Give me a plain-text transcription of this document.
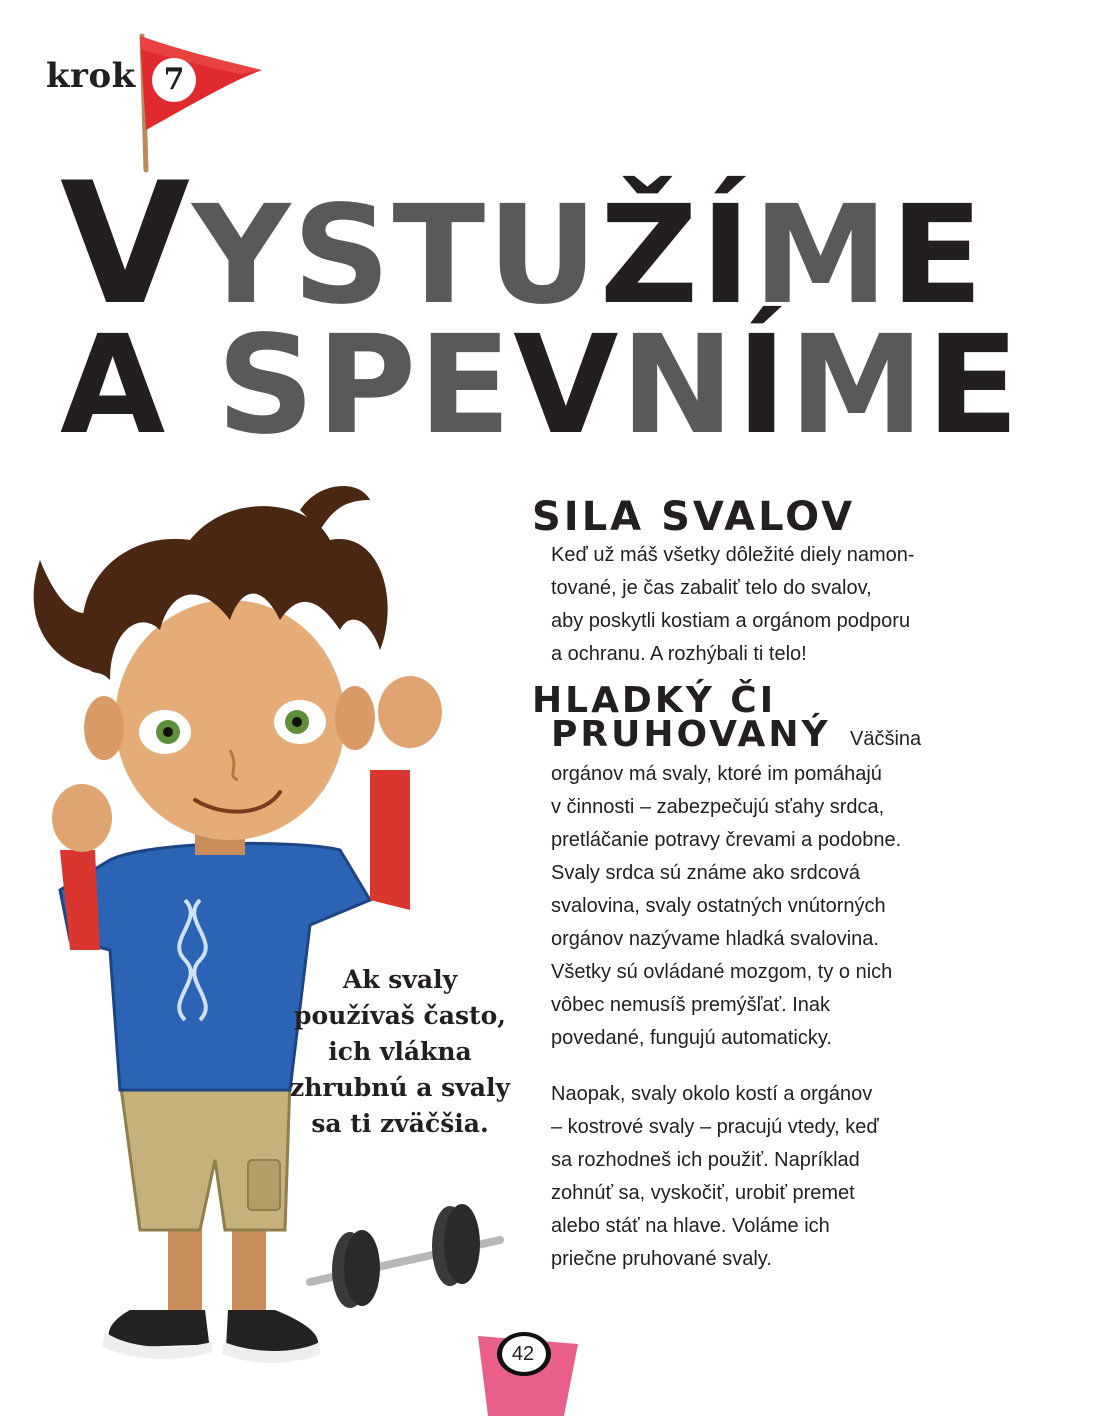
krok 7
VYSTUŽÍME
A SPEVNÍME
Ak svaly
používaš často,
ich vlákna
zhrubnú a svaly
sa ti zväčšia.
SILA SVALOV
Keď už máš všetky dôležité diely namon-
tované, je čas zabaliť telo do svalov,
aby poskytli kostiam a orgánom podporu
a ochranu. A rozhýbali ti telo!
HLADKÝ ČI
PRUHOVANÝ Väčšina
orgánov má svaly, ktoré im pomáhajú
v činnosti – zabezpečujú sťahy srdca,
pretláčanie potravy črevami a podobne.
Svaly srdca sú známe ako srdcová
svalovina, svaly ostatných vnútorných
orgánov nazývame hladká svalovina.
Všetky sú ovládané mozgom, ty o nich
vôbec nemusíš premýšľať. Inak
povedané, fungujú automaticky.
Naopak, svaly okolo kostí a orgánov
– kostrové svaly – pracujú vtedy, keď
sa rozhodneš ich použiť. Napríklad
zohnúť sa, vyskočiť, urobiť premet
alebo stáť na hlave. Voláme ich
priečne pruhované svaly.
42
